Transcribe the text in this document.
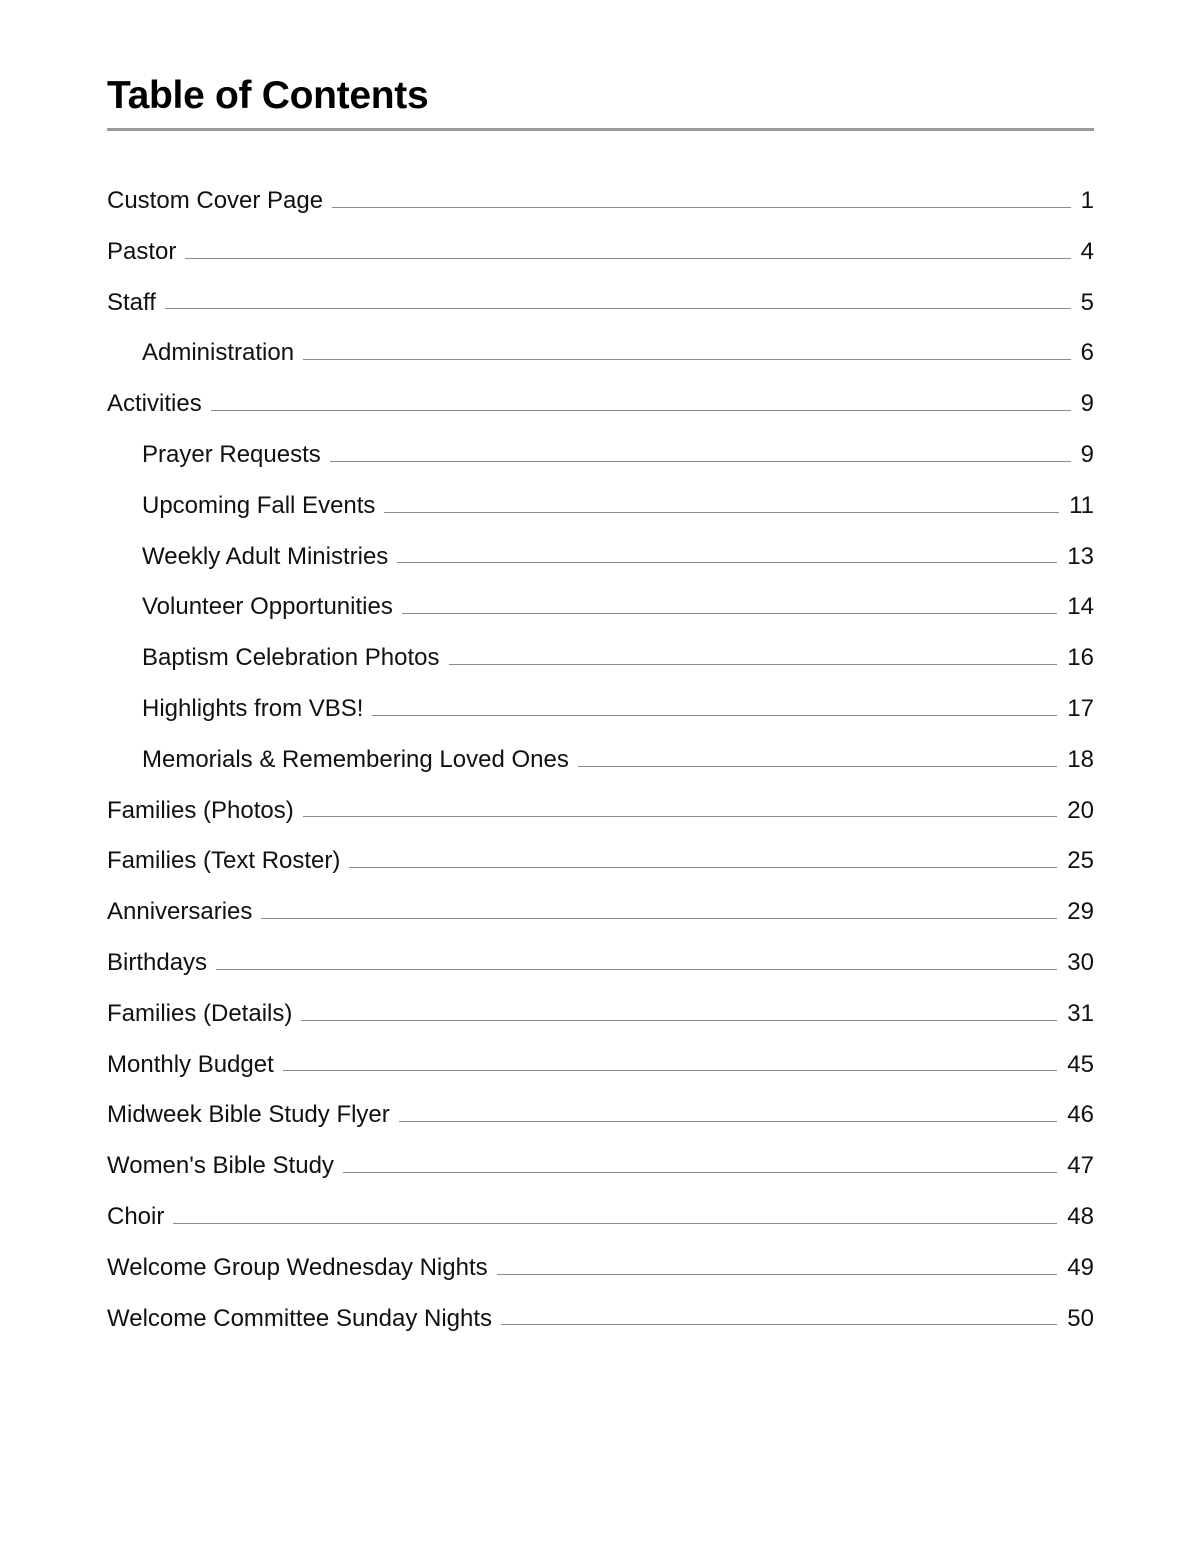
Table of Contents
Custom Cover Page	1
Pastor	4
Staff	5
Administration	6
Activities	9
Prayer Requests	9
Upcoming Fall Events	11
Weekly Adult Ministries	13
Volunteer Opportunities	14
Baptism Celebration Photos	16
Highlights from VBS!	17
Memorials & Remembering Loved Ones	18
Families (Photos)	20
Families (Text Roster)	25
Anniversaries	29
Birthdays	30
Families (Details)	31
Monthly Budget	45
Midweek Bible Study Flyer	46
Women's Bible Study	47
Choir	48
Welcome Group Wednesday Nights	49
Welcome Committee Sunday Nights	50
